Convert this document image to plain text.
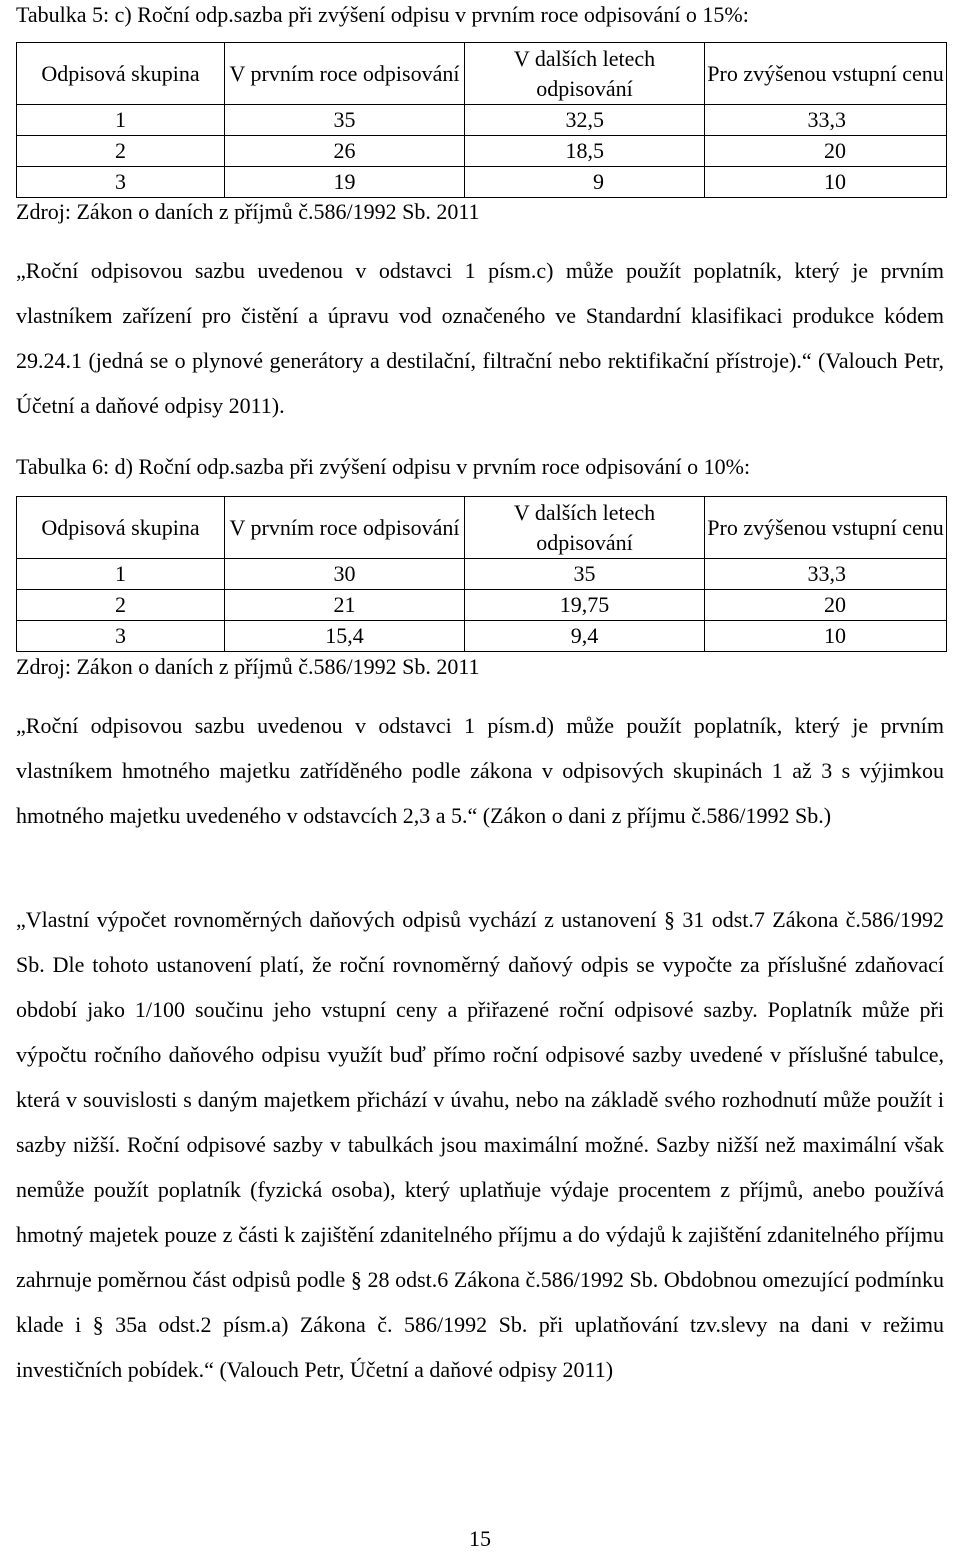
Tabulka 5: c) Roční odp.sazba při zvýšení odpisu v prvním roce odpisování o 15%:
Odpisová skupina	V prvním roce odpisování	V dalších letech odpisování	Pro zvýšenou vstupní cenu
1	35	32,5	33,3
2	26	18,5	20
3	19	9	10
Zdroj: Zákon o daních z příjmů č.586/1992 Sb. 2011

„Roční odpisovou sazbu uvedenou v odstavci 1 písm.c) může použít poplatník, který je prvním vlastníkem zařízení pro čistění a úpravu vod označeného ve Standardní klasifikaci produkce kódem 29.24.1 (jedná se o plynové generátory a destilační, filtrační nebo rektifikační přístroje).“ (Valouch Petr, Účetní a daňové odpisy 2011).

Tabulka 6: d) Roční odp.sazba při zvýšení odpisu v prvním roce odpisování o 10%:
Odpisová skupina	V prvním roce odpisování	V dalších letech odpisování	Pro zvýšenou vstupní cenu
1	30	35	33,3
2	21	19,75	20
3	15,4	9,4	10
Zdroj: Zákon o daních z příjmů č.586/1992 Sb. 2011

„Roční odpisovou sazbu uvedenou v odstavci 1 písm.d) může použít poplatník, který je prvním vlastníkem hmotného majetku zatříděného podle zákona v odpisových skupinách 1 až 3 s výjimkou hmotného majetku uvedeného v odstavcích 2,3 a 5.“ (Zákon o dani z příjmu č.586/1992 Sb.)

„Vlastní výpočet rovnoměrných daňových odpisů vychází z ustanovení § 31 odst.7 Zákona č.586/1992 Sb. Dle tohoto ustanovení platí, že roční rovnoměrný daňový odpis se vypočte za příslušné zdaňovací období jako 1/100 součinu jeho vstupní ceny a přiřazené roční odpisové sazby. Poplatník může při výpočtu ročního daňového odpisu využít buď přímo roční odpisové sazby uvedené v příslušné tabulce, která v souvislosti s daným majetkem přichází v úvahu, nebo na základě svého rozhodnutí může použít i sazby nižší. Roční odpisové sazby v tabulkách jsou maximální možné. Sazby nižší než maximální však nemůže použít poplatník (fyzická osoba), který uplatňuje výdaje procentem z příjmů, anebo používá hmotný majetek pouze z části k zajištění zdanitelného příjmu a do výdajů k zajištění zdanitelného příjmu zahrnuje poměrnou část odpisů podle § 28 odst.6 Zákona č.586/1992 Sb. Obdobnou omezující podmínku klade i § 35a odst.2 písm.a) Zákona č. 586/1992 Sb. při uplatňování tzv.slevy na dani v režimu investičních pobídek.“ (Valouch Petr, Účetní a daňové odpisy 2011)

15
